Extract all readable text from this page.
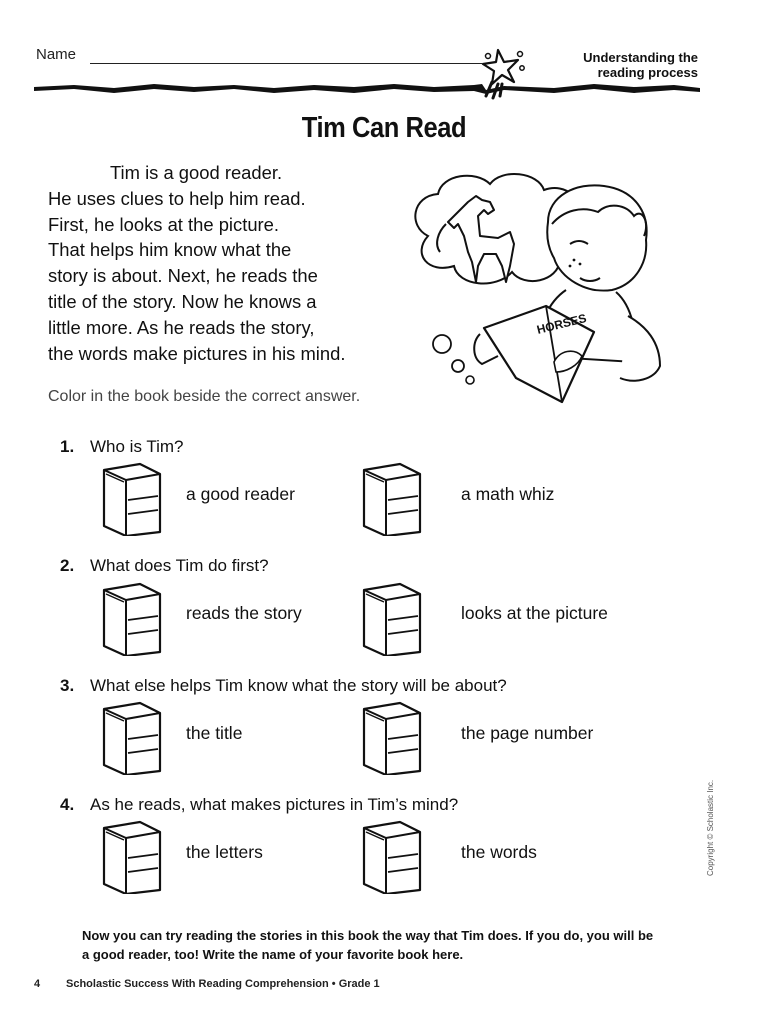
Name	Understanding the
reading process
Tim Can Read
Tim is a good reader.
He uses clues to help him read.
First, he looks at the picture.
That helps him know what the
story is about. Next, he reads the
title of the story. Now he knows a
little more. As he reads the story,
the words make pictures in his mind.
HORSES
Color in the book beside the correct answer.
1. Who is Tim?
a good reader	a math whiz
2. What does Tim do first?
reads the story	looks at the picture
3. What else helps Tim know what the story will be about?
the title	the page number
4. As he reads, what makes pictures in Tim’s mind?
the letters	the words	Copyright © Scholastic Inc.
Now you can try reading the stories in this book the way that Tim does. If you do, you will be
a good reader, too! Write the name of your favorite book here.
4 Scholastic Success With Reading Comprehension • Grade 1
